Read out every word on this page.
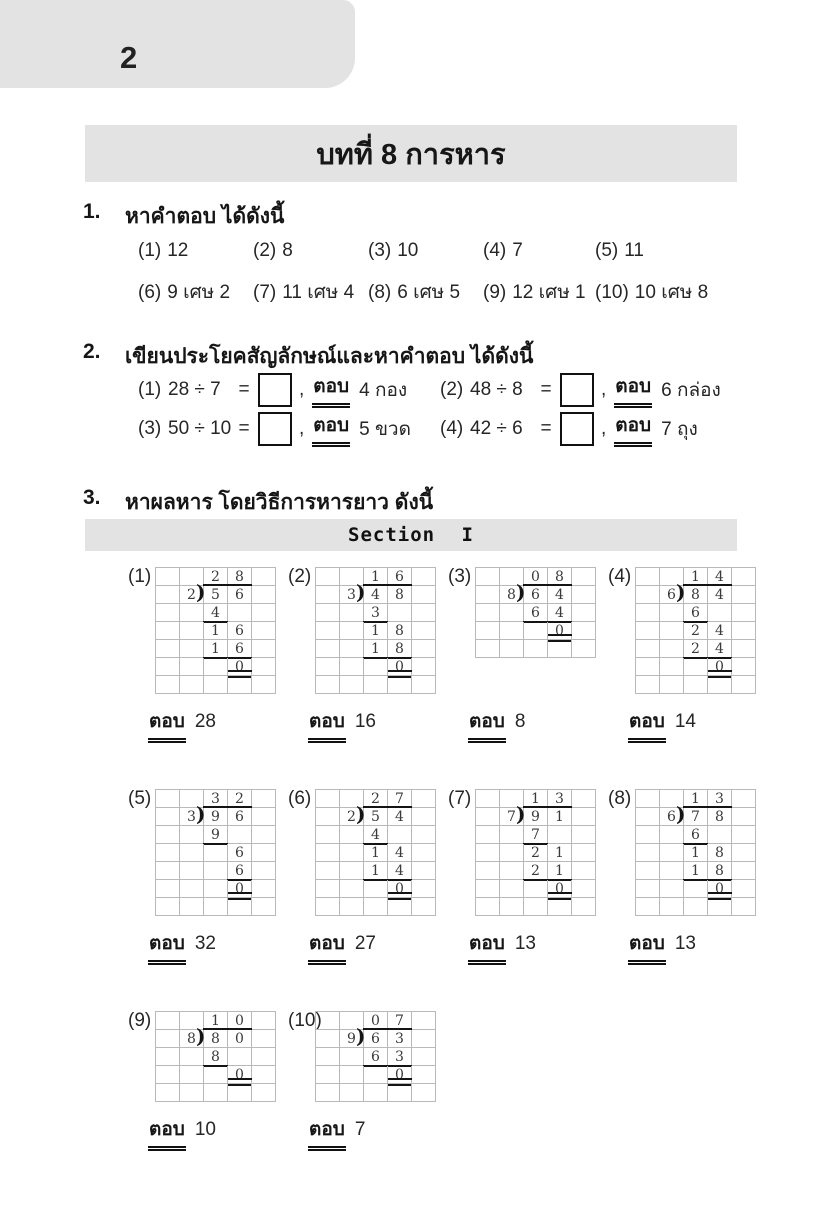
2
บทที่ 8 การหาร
1.	หาคำตอบ ได้ดังนี้
(1) 12	(2) 8	(3) 10	(4) 7	(5) 11
(6) 9 เศษ 2	(7) 11 เศษ 4 (8) 6 เศษ 5	(9) 12 เศษ 1 (10) 10 เศษ 8
2.	เขียนประโยคสัญลักษณ์และหาคำตอบ ได้ดังนี้
(1) 28 ÷ 7 =	, ตอบ 4 กอง (2) 48 ÷ 8 =	, ตอบ 6 กล่อง
(3) 50 ÷ 10 =	, ตอบ 5 ขวด (4) 42 ÷ 6 =	, ตอบ 7 ถุง
3.	หาผลหาร โดยวิธีการหารยาว ดังนี้
Section I
(1)	2	8
2 ) 5	6
4
1	6
1	6
0
ตอบ 28
(2)	1	6
3 ) 4	8
3
1	8
1	8
0
ตอบ 16
(3)	0	8
8 ) 6	4
6	4
0
ตอบ 8
(4)	1	4
6 ) 8	4
6
2	4
2	4
0
ตอบ 14
(5)	3	2
3 ) 9	6
9
6
6
0
ตอบ 32
(6)	2	7
2 ) 5	4
4
1	4
1	4
0
ตอบ 27
(7)	1	3
7 ) 9	1
7
2	1
2	1
0
ตอบ 13
(8)	1	3
6 ) 7	8
6
1	8
1	8
0
ตอบ 13
(9)	1	0
8 ) 8	0
8
0
ตอบ 10
(10)	0	7
9 ) 6	3
6	3
0
ตอบ 7
